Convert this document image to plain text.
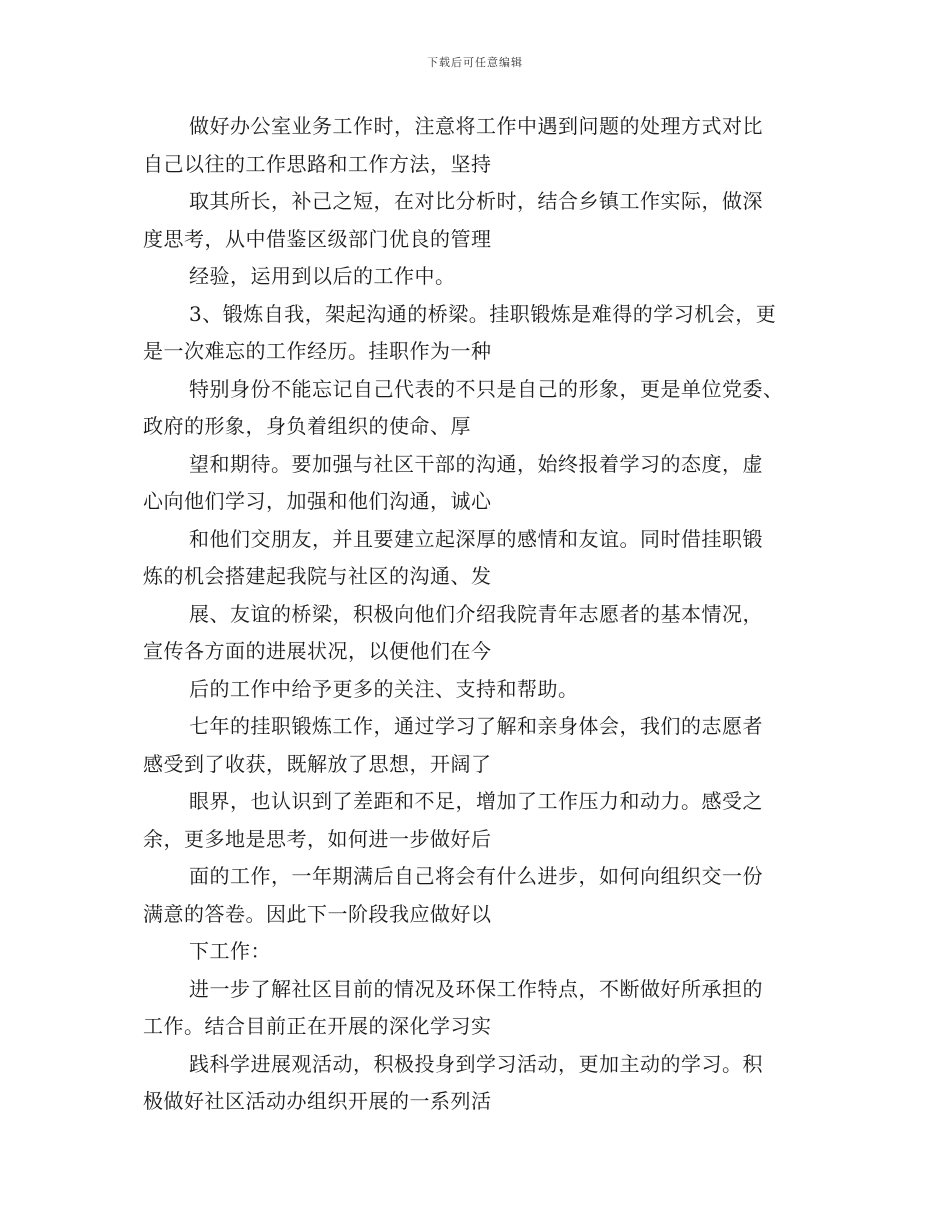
下载后可任意编辑

做好办公室业务工作时，注意将工作中遇到问题的处理方式对比
自己以往的工作思路和工作方法，坚持

取其所长，补己之短，在对比分析时，结合乡镇工作实际，做深
度思考，从中借鉴区级部门优良的管理

经验，运用到以后的工作中。

3、锻炼自我，架起沟通的桥梁。挂职锻炼是难得的学习机会，更
是一次难忘的工作经历。挂职作为一种

特别身份不能忘记自己代表的不只是自己的形象，更是单位党委、
政府的形象，身负着组织的使命、厚

望和期待。要加强与社区干部的沟通，始终报着学习的态度，虚
心向他们学习，加强和他们沟通，诚心

和他们交朋友，并且要建立起深厚的感情和友谊。同时借挂职锻
炼的机会搭建起我院与社区的沟通、发

展、友谊的桥梁，积极向他们介绍我院青年志愿者的基本情况，
宣传各方面的进展状况，以便他们在今

后的工作中给予更多的关注、支持和帮助。

七年的挂职锻炼工作，通过学习了解和亲身体会，我们的志愿者
感受到了收获，既解放了思想，开阔了

眼界，也认识到了差距和不足，增加了工作压力和动力。感受之
余，更多地是思考，如何进一步做好后

面的工作，一年期满后自己将会有什么进步，如何向组织交一份
满意的答卷。因此下一阶段我应做好以

下工作：

进一步了解社区目前的情况及环保工作特点，不断做好所承担的
工作。结合目前正在开展的深化学习实

践科学进展观活动，积极投身到学习活动，更加主动的学习。积
极做好社区活动办组织开展的一系列活
